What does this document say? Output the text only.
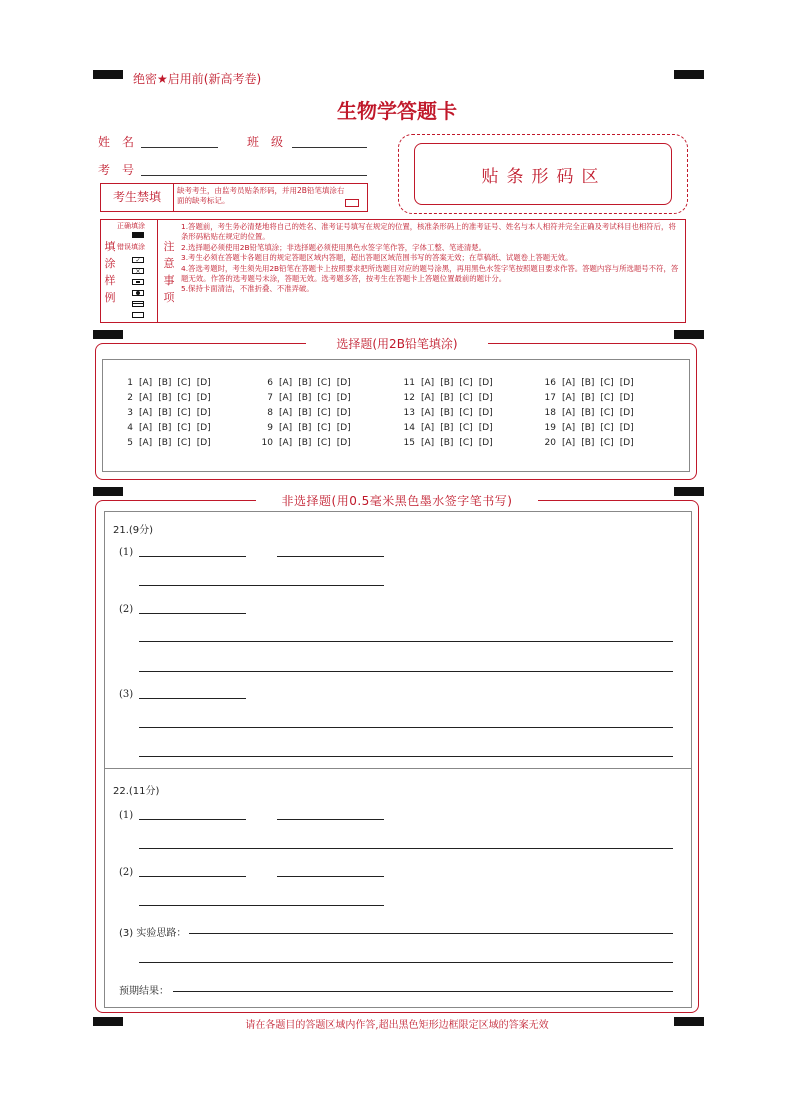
绝密★启用前(新高考卷)
生物学答题卡
姓　名	班　级
考　号	贴条形码区
考生禁填	缺考考生，由监考员贴条形码，并用2B铅笔填涂右面的缺考标记。
填涂样例
正确填涂
错误填涂
✓
×
注意事项
1.答题前，考生务必清楚地将自己的姓名、准考证号填写在规定的位置，核准条形码上的准考证号、姓名与本人相符并完全正确及考试科目也相符后，将条形码粘贴在规定的位置。
2.选择题必须使用2B铅笔填涂；非选择题必须使用黑色水签字笔作答，字体工整、笔迹清楚。
3.考生必须在答题卡各题目的规定答题区域内答题，超出答题区域范围书写的答案无效；在草稿纸、试题卷上答题无效。
4.答选考题时，考生须先用2B铅笔在答题卡上按照要求把所选题目对应的题号涂黑，再用黑色水签字笔按照题目要求作答。答题内容与所选题号不符，答题无效。作答的选考题号未涂，答题无效。选考题多答，按考生在答题卡上答题位置最前的题计分。
5.保持卡面清洁，不准折叠、不准弄破。
选择题(用2B铅笔填涂)
1 [A] [B] [C] [D]
2 [A] [B] [C] [D]
3 [A] [B] [C] [D]
4 [A] [B] [C] [D]
5 [A] [B] [C] [D]
6 [A] [B] [C] [D]
7 [A] [B] [C] [D]
8 [A] [B] [C] [D]
9 [A] [B] [C] [D]
10 [A] [B] [C] [D]
11 [A] [B] [C] [D]
12 [A] [B] [C] [D]
13 [A] [B] [C] [D]
14 [A] [B] [C] [D]
15 [A] [B] [C] [D]
16 [A] [B] [C] [D]
17 [A] [B] [C] [D]
18 [A] [B] [C] [D]
19 [A] [B] [C] [D]
20 [A] [B] [C] [D]
非选择题(用0.5毫米黑色墨水签字笔书写)
21.(9分)
(1)
(2)
(3)
22.(11分)
(1)
(2)
(3) 实验思路：
预期结果：
请在各题目的答题区域内作答,超出黑色矩形边框限定区域的答案无效
